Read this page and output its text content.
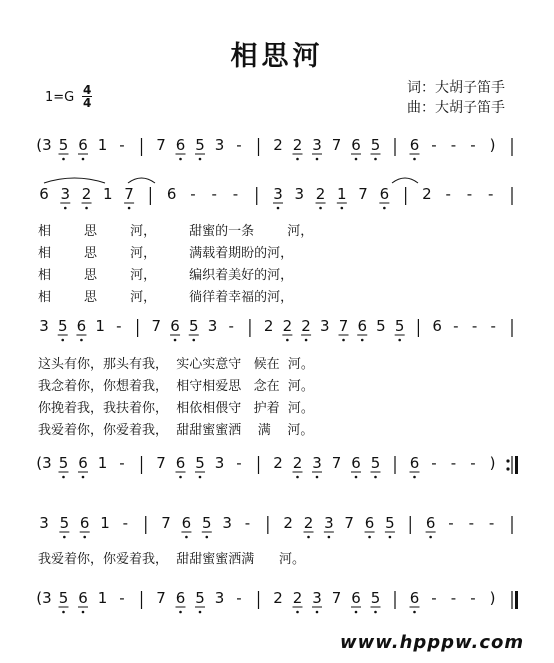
相思河
词：大胡子笛手
曲：大胡子笛手
1=G 4
4
(3 5 6 1 - 7 6 5 3 - 2 2 3 7 6 5 6 - - - )
6 3 2 1 7 6 - - - 3 3 2 1 7 6 2 - - -
3 5 6 1 - 7 6 5 3 - 2 2 2 3 7 6 5 5 6 - - -
(3 5 6 1 - 7 6 5 3 - 2 2 3 7 6 5 6 - - - )
3 5 6 1 - 7 6 5 3 - 2 2 3 7 6 5 6 - - -
(3 5 6 1 - 7 6 5 3 - 2 2 3 7 6 5 6 - - - )
相        思        河，        甜蜜的一条        河，
相        思        河，        满载着期盼的河，
相        思        河，        编织着美好的河，
相        思        河，        徜徉着幸福的河，
这头有你，那头有我，  实心实意守   候在  河。
我念着你，你想着我，  相守相爱思   念在  河。
你挽着我，我扶着你，  相依相偎守   护着  河。
我爱着你，你爱着我，  甜甜蜜蜜洒    满    河。
我爱着你，你爱着我，  甜甜蜜蜜洒满      河。
www.hpppw.com
